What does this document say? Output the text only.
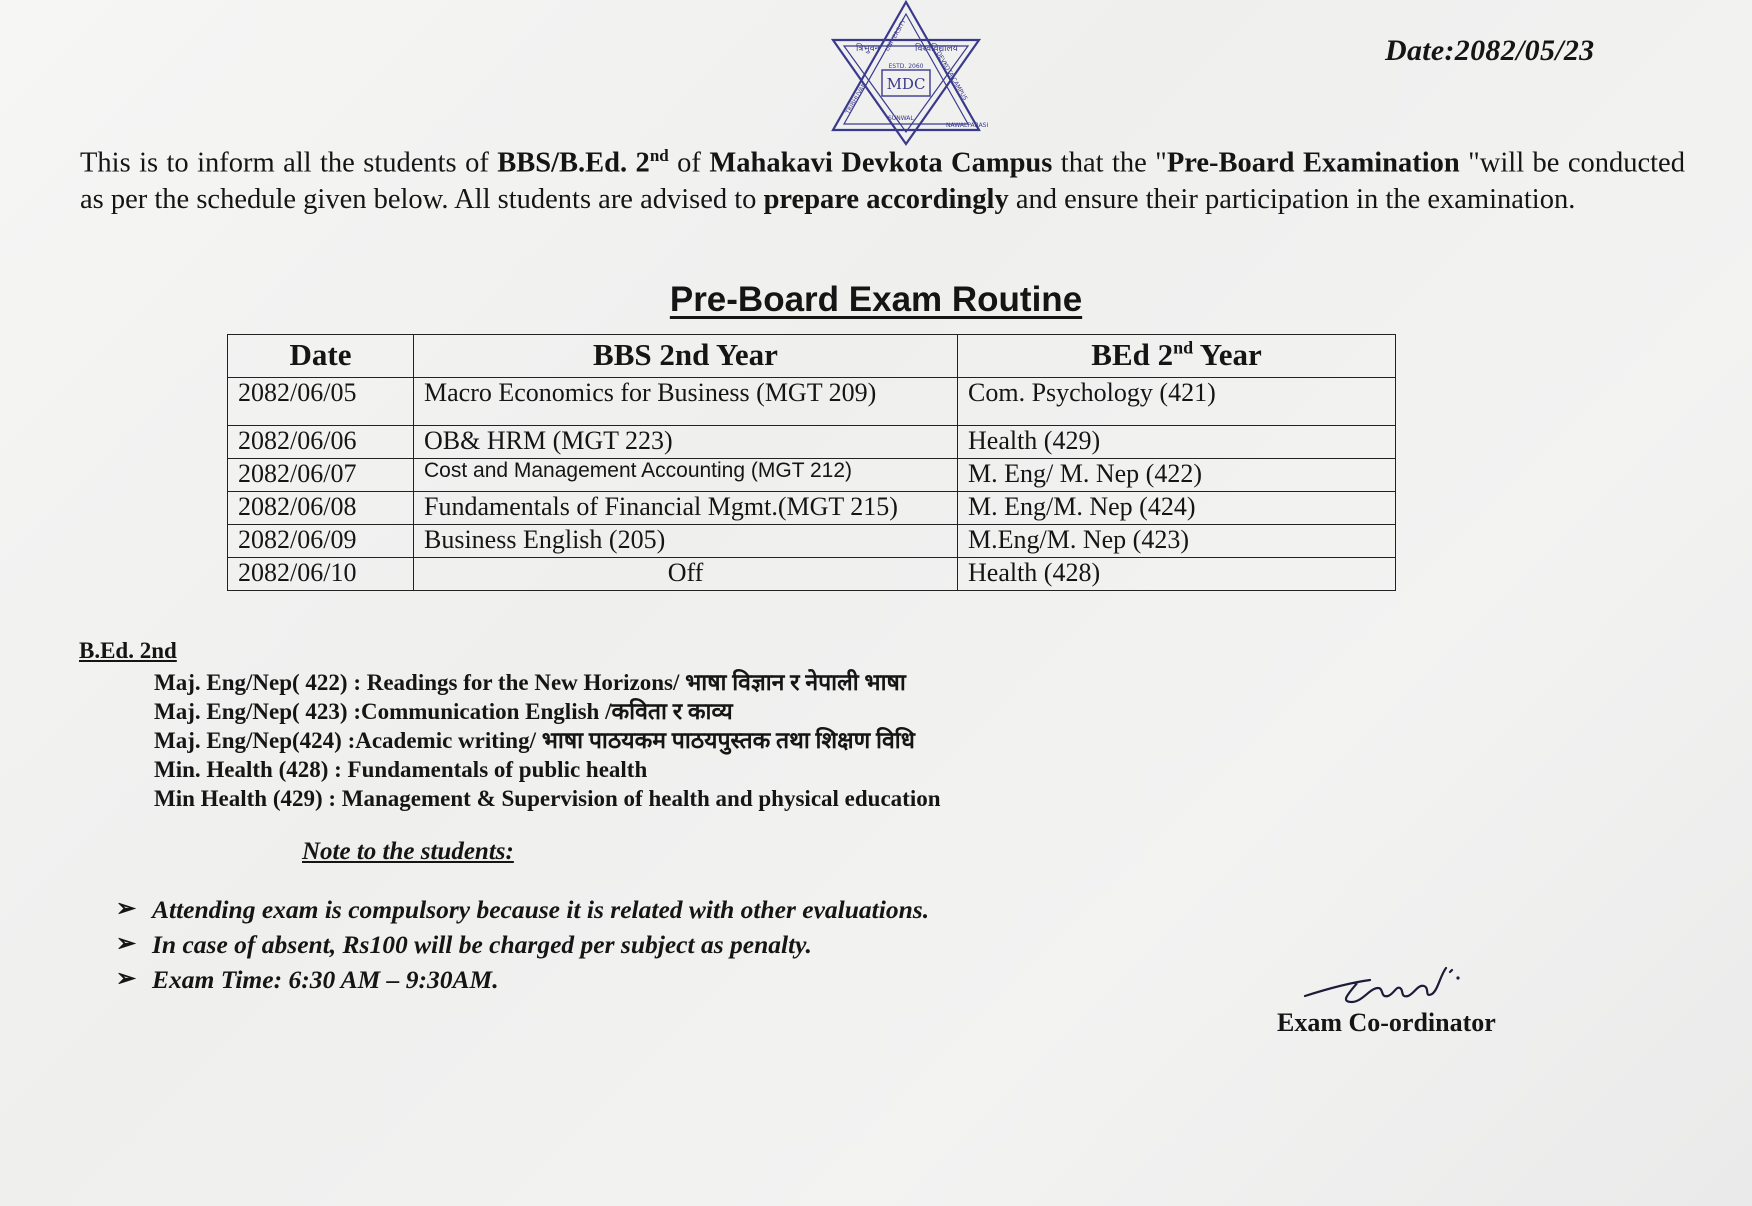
Date:2082/05/23
MDC
त्रिभुवन	विश्वविद्यालय
UNIVERSITY
DEVKOTA CAMPUS
TRIBHUVAN
SUNWAL
NAWALPARASI
ESTD. 2060
This is to inform all the students of BBS/B.Ed. 2nd of Mahakavi Devkota Campus that the "Pre-Board Examination "will be conducted as per the schedule given below. All students are advised to prepare accordingly and ensure their participation in the examination.
Pre-Board Exam Routine
Date	BBS 2nd Year	BEd 2nd Year
2082/06/05	Macro Economics for Business (MGT 209)	Com. Psychology (421)
2082/06/06	OB& HRM (MGT 223)	Health (429)
2082/06/07	Cost and Management Accounting (MGT 212)	M. Eng/ M. Nep (422)
2082/06/08	Fundamentals of Financial Mgmt.(MGT 215)	M. Eng/M. Nep (424)
2082/06/09	Business English (205)	M.Eng/M. Nep (423)
2082/06/10	Off	Health (428)
B.Ed. 2nd
Maj. Eng/Nep( 422) : Readings for the New Horizons/ भाषा विज्ञान र नेपाली भाषा
Maj. Eng/Nep( 423) :Communication English /कविता र काव्य
Maj. Eng/Nep(424) :Academic writing/ भाषा पाठयकम पाठयपुस्तक तथा शिक्षण विधि
Min. Health (428) : Fundamentals of public health
Min Health (429) : Management & Supervision of health and physical education
Note to the students:
➢ Attending exam is compulsory because it is related with other evaluations.
➢ In case of absent, Rs100 will be charged per subject as penalty.
➢ Exam Time: 6:30 AM – 9:30AM.
Exam Co-ordinator
